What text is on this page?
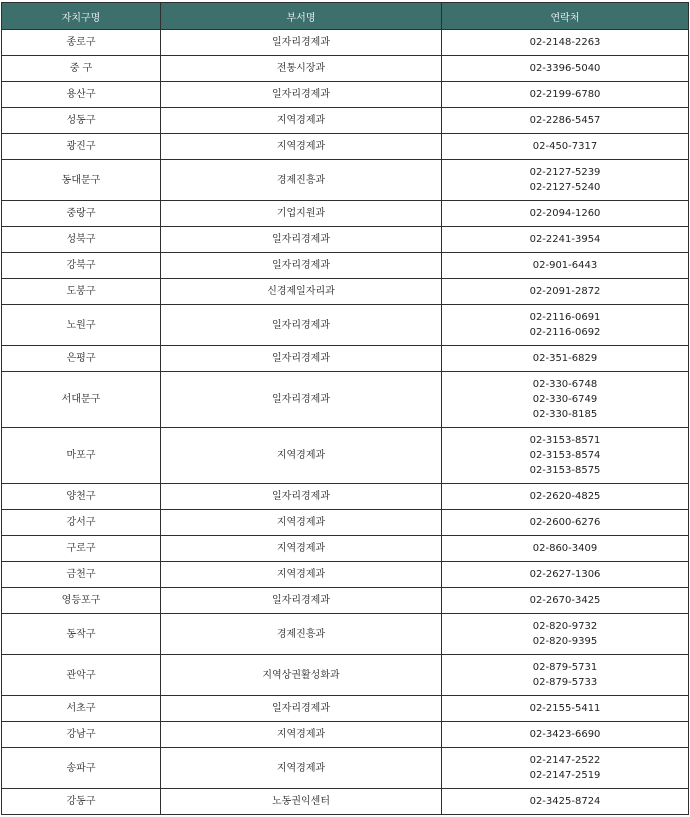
자치구명	부서명	연락처
종로구	일자리경제과	02-2148-2263

중 구	전통시장과	02-3396-5040

용산구	일자리경제과	02-2199-6780

성동구	지역경제과	02-2286-5457

광진구	지역경제과	02-450-7317

동대문구	경제진흥과	02-2127-5239
02-2127-5240

중랑구	기업지원과	02-2094-1260

성북구	일자리경제과	02-2241-3954

강북구	일자리경제과	02-901-6443

도봉구	신경제일자리과	02-2091-2872

노원구	일자리경제과	02-2116-0691
02-2116-0692

은평구	일자리경제과	02-351-6829

서대문구	일자리경제과	02-330-6748
02-330-6749
02-330-8185

마포구	지역경제과	02-3153-8571
02-3153-8574
02-3153-8575

양천구	일자리경제과	02-2620-4825

강서구	지역경제과	02-2600-6276

구로구	지역경제과	02-860-3409

금천구	지역경제과	02-2627-1306

영등포구	일자리경제과	02-2670-3425

동작구	경제진흥과	02-820-9732
02-820-9395

관악구	지역상권활성화과	02-879-5731
02-879-5733

서초구	일자리경제과	02-2155-5411

강남구	지역경제과	02-3423-6690

송파구	지역경제과	02-2147-2522
02-2147-2519

강동구	노동권익센터	02-3425-8724
